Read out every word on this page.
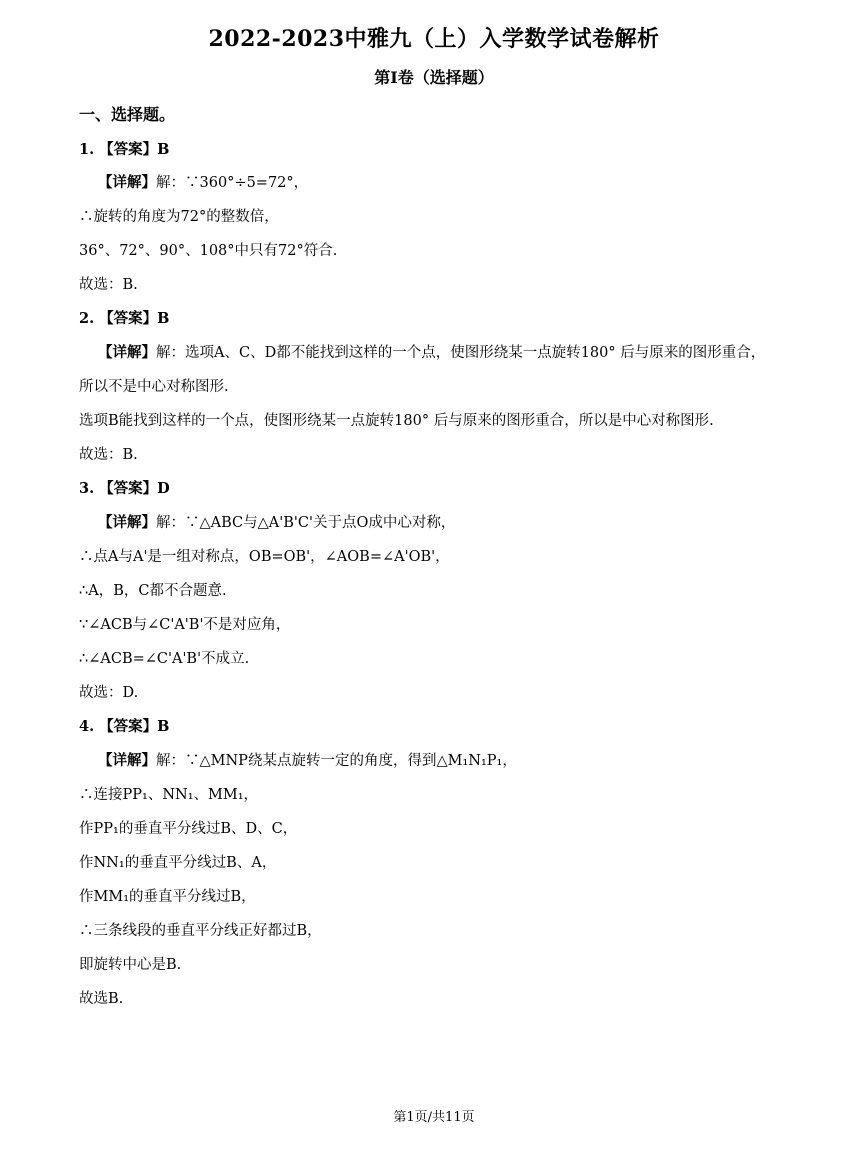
2022-2023中雅九（上）入学数学试卷解析
第I卷（选择题）
一、选择题。
1. 【答案】B
【详解】解：∵360°÷5=72°，
∴旋转的角度为72°的整数倍，
36°、72°、90°、108°中只有72°符合.
故选：B.
2. 【答案】B
【详解】解：选项A、C、D都不能找到这样的一个点，使图形绕某一点旋转180° 后与原来的图形重合，
所以不是中心对称图形.
选项B能找到这样的一个点，使图形绕某一点旋转180° 后与原来的图形重合，所以是中心对称图形.
故选：B.
3. 【答案】D
【详解】解：∵△ABC与△A'B'C'关于点O成中心对称，
∴点A与A'是一组对称点，OB=OB'，∠AOB=∠A'OB'，
∴A，B，C都不合题意.
∵∠ACB与∠C'A'B'不是对应角，
∴∠ACB=∠C'A'B'不成立.
故选：D.
4. 【答案】B
【详解】解：∵△MNP绕某点旋转一定的角度，得到△M₁N₁P₁，
∴连接PP₁、NN₁、MM₁，
作PP₁的垂直平分线过B、D、C，
作NN₁的垂直平分线过B、A，
作MM₁的垂直平分线过B，
∴三条线段的垂直平分线正好都过B，
即旋转中心是B.
故选B.
第1页/共11页
